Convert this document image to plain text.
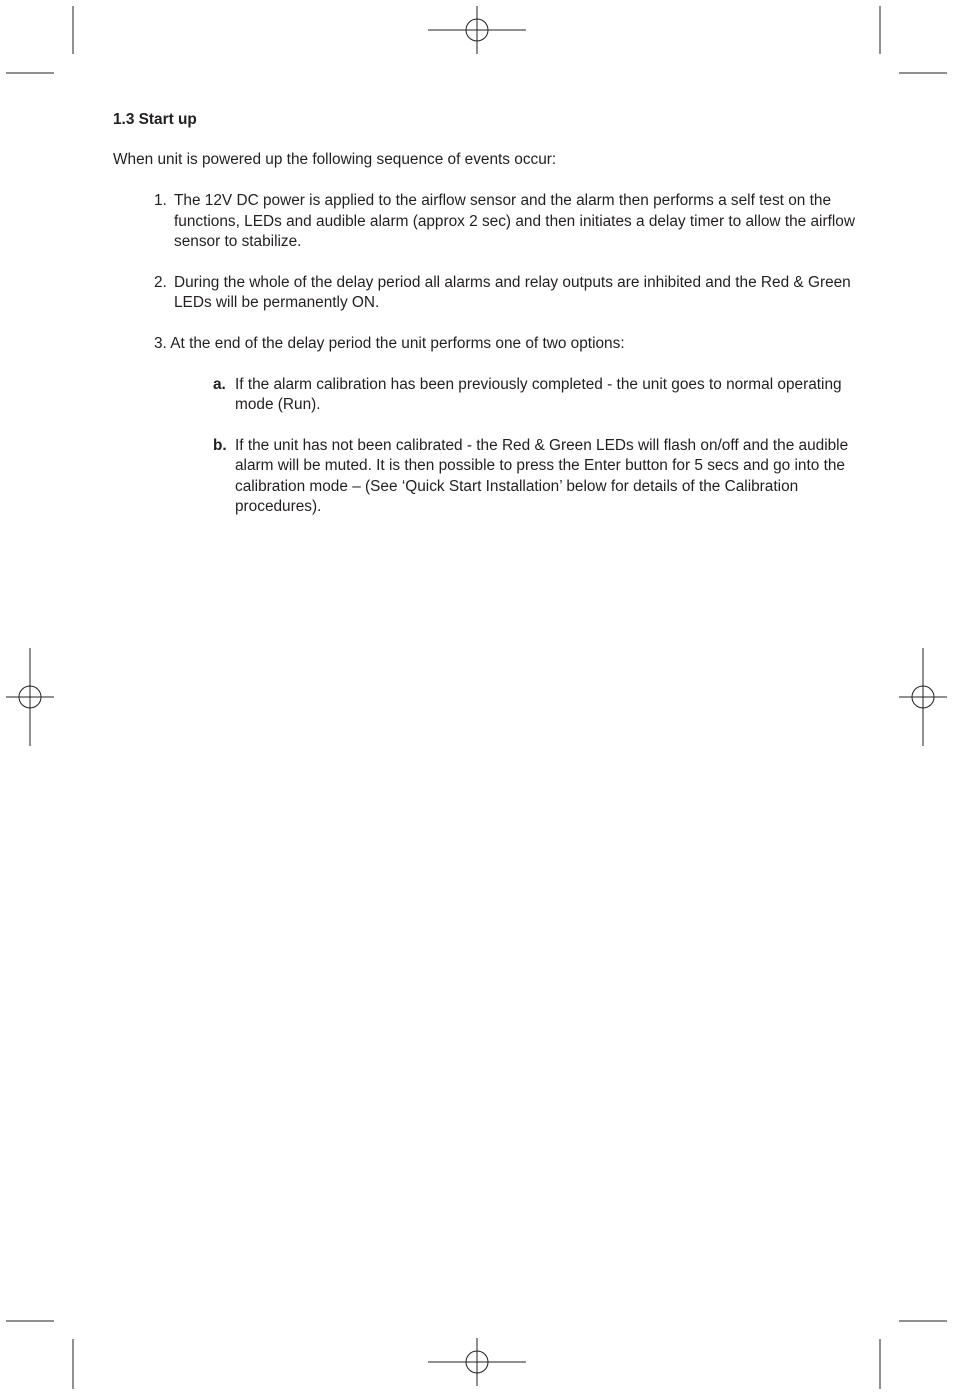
1.3 Start up
When unit is powered up the following sequence of events occur:
1. The 12V DC power is applied to the airflow sensor and the alarm then performs a self test on the functions, LEDs and audible alarm (approx 2 sec) and then initiates a delay timer to allow the airflow sensor to stabilize.
2. During the whole of the delay period all alarms and relay outputs are inhibited and the Red & Green LEDs will be permanently ON.
3. At the end of the delay period the unit performs one of two options:
a. If the alarm calibration has been previously completed - the unit goes to normal operating mode (Run).
b. If the unit has not been calibrated - the Red & Green LEDs will flash on/off and the audible alarm will be muted. It is then possible to press the Enter button for 5 secs and go into the calibration mode – (See ‘Quick Start Installation’ below for details of the Calibration procedures).
